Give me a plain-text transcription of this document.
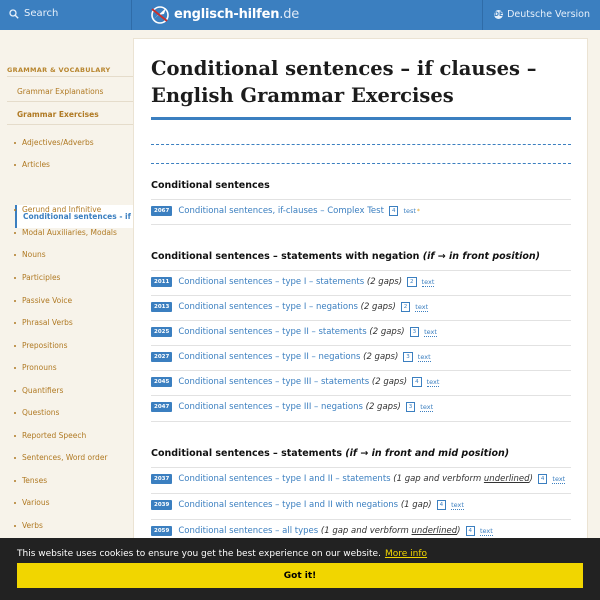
Search	englisch-hilfen.de	DE Deutsche Version
GRAMMAR & VOCABULARY
Grammar Explanations
Grammar Exercises
Adjectives/Adverbs
Articles
Conditional sentences - if
Gerund and Infinitive
Modal Auxiliaries, Modals
Nouns
Participles
Passive Voice
Phrasal Verbs
Prepositions
Pronouns
Quantifiers
Questions
Reported Speech
Sentences, Word order
Tenses
Various
Verbs
Conditional sentences – if clauses – English Grammar Exercises
Conditional sentences
2067	Conditional sentences, if-clauses – Complex Test	4	test *
Conditional sentences – statements with negation (if → in front position)
2011	Conditional sentences – type I – statements (2 gaps)	2	text
2013	Conditional sentences – type I – negations (2 gaps)	2	text
2025	Conditional sentences – type II – statements (2 gaps)	3	text
2027	Conditional sentences – type II – negations (2 gaps)	3	text
2045	Conditional sentences – type III – statements (2 gaps)	4	text
2047	Conditional sentences – type III – negations (2 gaps)	3	text
Conditional sentences – statements (if → in front and mid position)
2037	Conditional sentences – type I and II – statements (1 gap and verbform underlined)	4	text
2039	Conditional sentences – type I and II with negations (1 gap)	4	text
2059	Conditional sentences – all types (1 gap and verbform underlined)	4	text
This website uses cookies to ensure you get the best experience on our website. More info
Got it!
